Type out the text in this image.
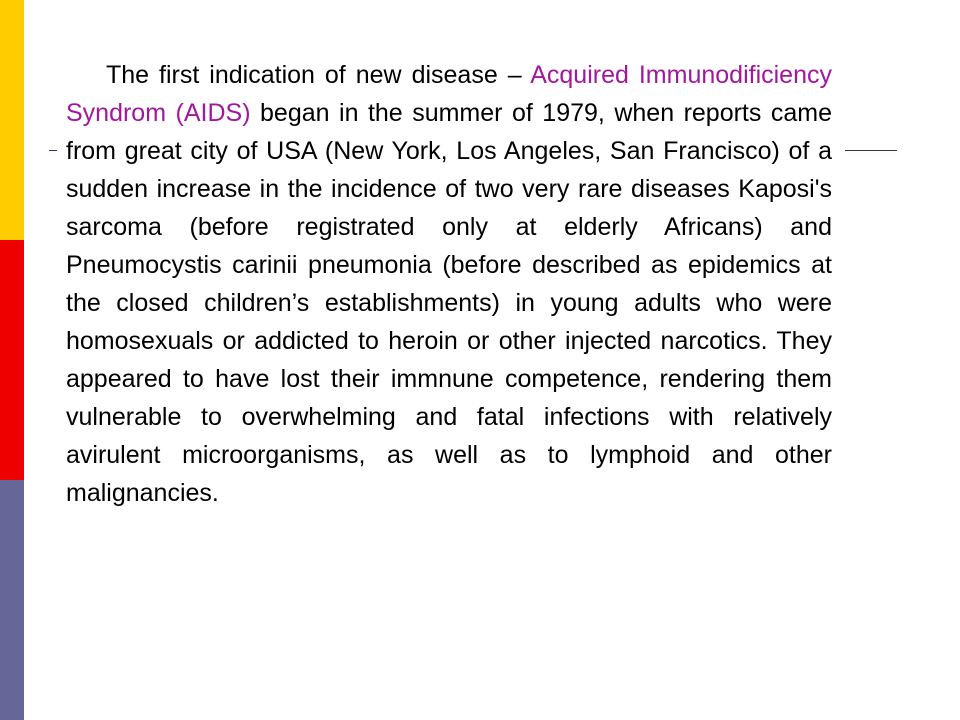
The first indication of new disease – Acquired Immunodificiency Syndrom (AIDS) began in the summer of 1979, when reports came from great city of USA (New York, Los Angeles, San Francisco) of a sudden increase in the incidence of two very rare diseases Kaposi's sarcoma (before registrated only at elderly Africans) and Pneumocystis carinii pneumonia (before described as epidemics at the closed children’s establishments) in young adults who were homosexuals or addicted to heroin or other injected narcotics. They appeared to have lost their immnune competence, rendering them vulnerable to overwhelming and fatal infections with relatively avirulent microorganisms, as well as to lymphoid and other malignancies.
